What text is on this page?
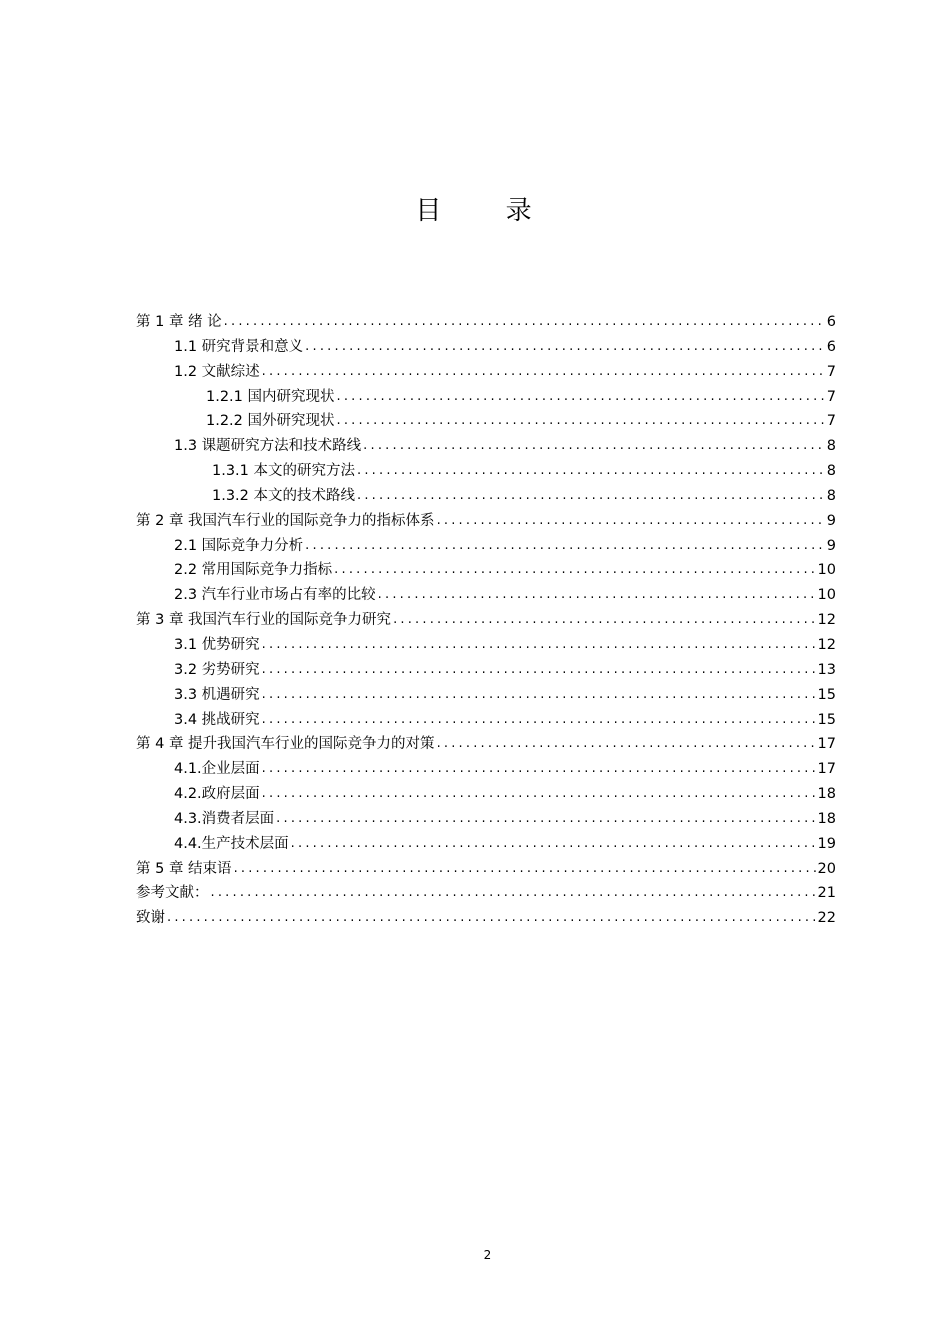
目 录
第 1 章 绪 论 .....	6
1.1 研究背景和意义 .....	6
1.2 文献综述 .....	7
1.2.1 国内研究现状 .....	7
1.2.2 国外研究现状 .....	7
1.3 课题研究方法和技术路线 .....	8
1.3.1 本文的研究方法 .....	8
1.3.2 本文的技术路线 .....	8
第 2 章 我国汽车行业的国际竞争力的指标体系 .....	9
2.1 国际竞争力分析 .....	9
2.2 常用国际竞争力指标 .....	10
2.3 汽车行业市场占有率的比较 .....	10
第 3 章 我国汽车行业的国际竞争力研究 .....	12
3.1 优势研究 .....	12
3.2 劣势研究 .....	13
3.3 机遇研究 .....	15
3.4 挑战研究 .....	15
第 4 章 提升我国汽车行业的国际竞争力的对策 .....	17
4.1.企业层面 .....	17
4.2.政府层面 .....	18
4.3.消费者层面 .....	18
4.4.生产技术层面 .....	19
第 5 章 结束语 .....	20
参考文献： .....	21
致谢 .....	22
2
